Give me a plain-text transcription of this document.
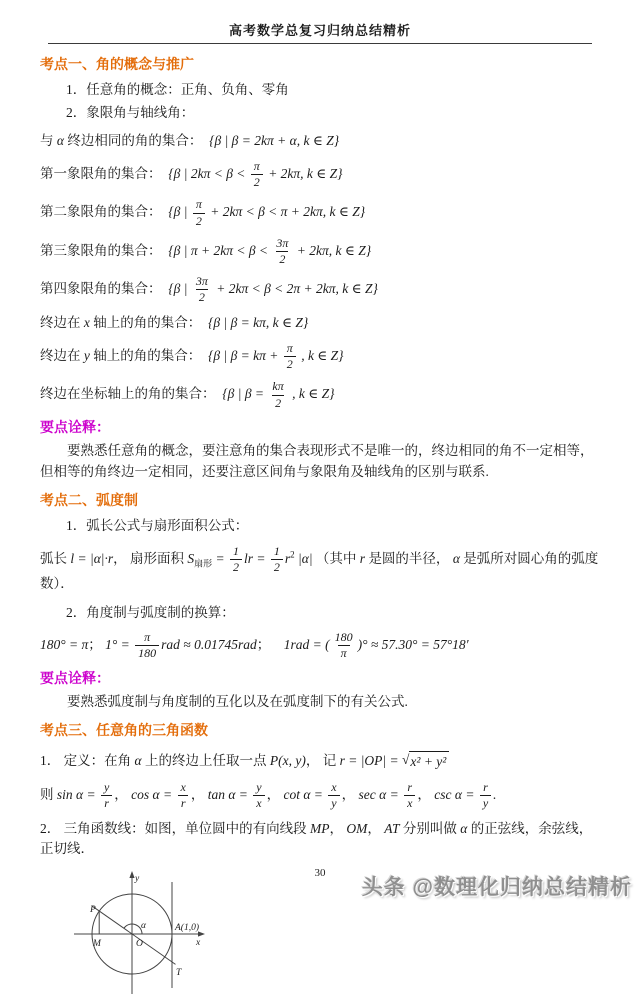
高考数学总复习归纳总结精析
考点一、角的概念与推广
1．任意角的概念：正角、负角、零角
2．象限角与轴线角：
与 α 终边相同的角的集合：  {β | β = 2kπ + α, k ∈ Z}
第一象限角的集合：  {β | $2k\pi < \beta < \frac{\pi}{2} + 2k\pi$, k ∈ Z}
第二象限角的集合：  {β | $\frac{\pi}{2} + 2k\pi < \beta < \pi + 2k\pi$, k ∈ Z}
第三象限角的集合：  {β | $\pi + 2k\pi < \beta < \frac{3\pi}{2} + 2k\pi$, k ∈ Z}
第四象限角的集合：  {β | $\frac{3\pi}{2} + 2k\pi < \beta < 2\pi + 2k\pi$, k ∈ Z}
终边在 x 轴上的角的集合：  {β | β = kπ, k ∈ Z}
终边在 y 轴上的角的集合：  {β | $\beta = k\pi + \frac{\pi}{2}$ , k ∈ Z}
终边在坐标轴上的角的集合：  {β | $\beta = \frac{k\pi}{2}$ , k ∈ Z}
要点诠释：
要熟悉任意角的概念，要注意角的集合表现形式不是唯一的，终边相同的角不一定相等，但相等的角终边一定相同，还要注意区间角与象限角及轴线角的区别与联系.
考点二、弧度制
1．弧长公式与扇形面积公式：
弧长 l = |α|·r， 扇形面积 $S_{扇形} = \frac{1}{2}$ lr = $\frac{1}{2} r^2$ |α| （其中 r 是圆的半径， α 是弧所对圆心角的弧度数）．
2．角度制与弧度制的换算：
180° = π； $1^\circ = \frac{\pi}{180}$ rad ≈ 0.01745rad；    1rad = ( $\frac{180}{\pi}$ )° ≈ 57.30° = 57°18′
要点诠释：
要熟悉弧度制与角度制的互化以及在弧度制下的有关公式.
考点三、任意角的三角函数
1． 定义：在角 α 上的终边上任取一点 P(x, y)， 记 r = |OP| = √ x² + y²
则 $\sin \alpha = \frac{y}{r}$ ， $\cos \alpha = \frac{x}{r}$ ， $\tan \alpha = \frac{y}{x}$ ， $\cot \alpha = \frac{x}{y}$ ， $\sec \alpha = \frac{r}{x}$ ， $\csc \alpha = \frac{r}{y}$ .
2． 三角函数线：如图，单位圆中的有向线段 MP， OM， AT 分别叫做 α 的正弦线，余弦线，正切线．
y
x
P
M	O
α	A(1,0)
T
30
头条 @数理化归纳总结精析
